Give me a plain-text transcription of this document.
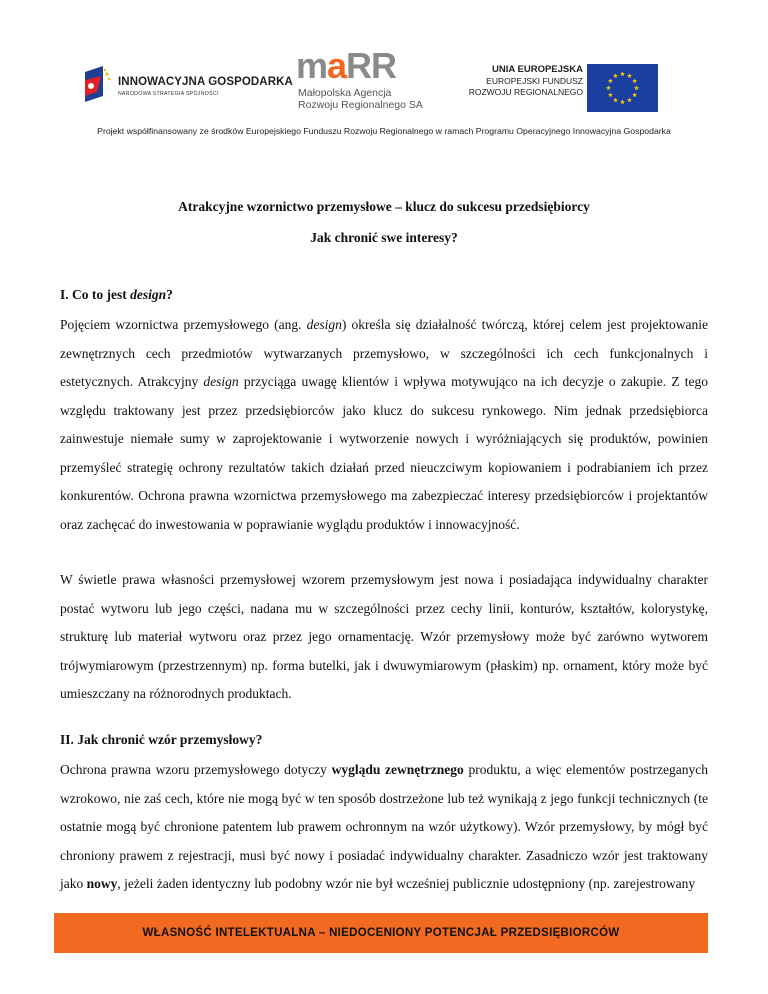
INNOWACYJNA GOSPODARKA
NARODOWA STRATEGIA SPÓJNOŚCI
maRR
Małopolska Agencja
Rozwoju Regionalnego SA
UNIA EUROPEJSKA
EUROPEJSKI FUNDUSZ
ROZWOJU REGIONALNEGO
Projekt współfinansowany ze środków Europejskiego Funduszu Rozwoju Regionalnego w ramach Programu Operacyjnego Innowacyjna Gospodarka
Atrakcyjne wzornictwo przemysłowe – klucz do sukcesu przedsiębiorcy
Jak chronić swe interesy?
I. Co to jest design?

Pojęciem wzornictwa przemysłowego (ang. design) określa się działalność twórczą, której celem jest projektowanie zewnętrznych cech przedmiotów wytwarzanych przemysłowo, w szczególności ich cech funkcjonalnych i estetycznych. Atrakcyjny design przyciąga uwagę klientów i wpływa motywująco na ich decyzje o zakupie. Z tego względu traktowany jest przez przedsiębiorców jako klucz do sukcesu rynkowego. Nim jednak przedsiębiorca zainwestuje niemałe sumy w zaprojektowanie i wytworzenie nowych i wyróżniających się produktów, powinien przemyśleć strategię ochrony rezultatów takich działań przed nieuczciwym kopiowaniem i podrabianiem ich przez konkurentów. Ochrona prawna wzornictwa przemysłowego ma zabezpieczać interesy przedsiębiorców i projektantów oraz zachęcać do inwestowania w poprawianie wyglądu produktów i innowacyjność.

W świetle prawa własności przemysłowej wzorem przemysłowym jest nowa i posiadająca indywidualny charakter postać wytworu lub jego części, nadana mu w szczególności przez cechy linii, konturów, kształtów, kolorystykę, strukturę lub materiał wytworu oraz przez jego ornamentację. Wzór przemysłowy może być zarówno wytworem trójwymiarowym (przestrzennym) np. forma butelki, jak i dwuwymiarowym (płaskim) np. ornament, który może być umieszczany na różnorodnych produktach.

II. Jak chronić wzór przemysłowy?

Ochrona prawna wzoru przemysłowego dotyczy wyglądu zewnętrznego produktu, a więc elementów postrzeganych wzrokowo, nie zaś cech, które nie mogą być w ten sposób dostrzeżone lub też wynikają z jego funkcji technicznych (te ostatnie mogą być chronione patentem lub prawem ochronnym na wzór użytkowy). Wzór przemysłowy, by mógł być chroniony prawem z rejestracji, musi być nowy i posiadać indywidualny charakter. Zasadniczo wzór jest traktowany jako nowy, jeżeli żaden identyczny lub podobny wzór nie był wcześniej publicznie udostępniony (np. zarejestrowany

WŁASNOŚĆ INTELEKTUALNA – NIEDOCENIONY POTENCJAŁ PRZEDSIĘBIORCÓW
